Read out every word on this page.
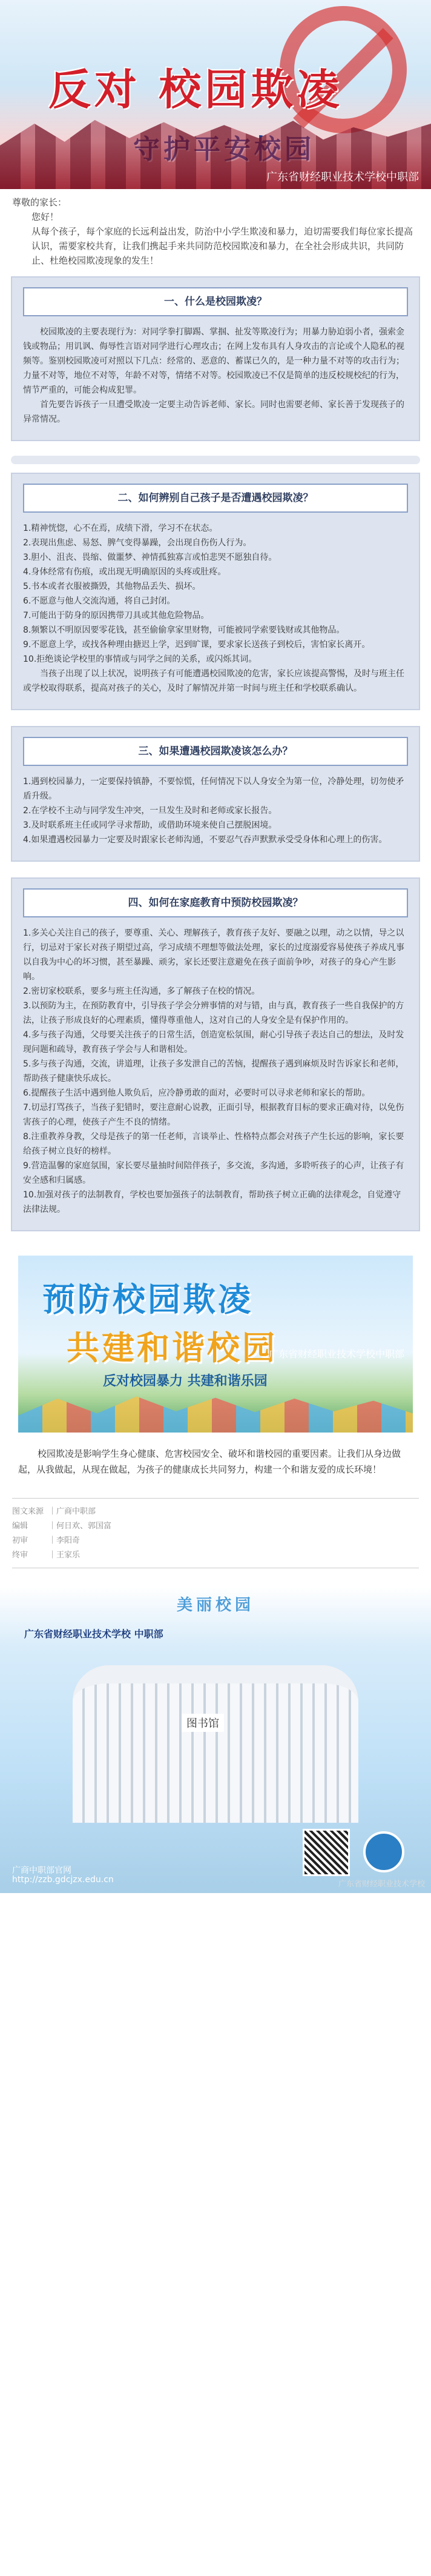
反对 校园欺凌
广东省财经职业技术学校中职部

尊敬的家长：

您好！

从每个孩子，每个家庭的长远利益出发，防治中小学生欺凌和暴力，迫切需要我们每位家长提高认识，需要家校共育，让我们携起手来共同防范校园欺凌和暴力，在全社会形成共识，共同防止、杜绝校园欺凌现象的发生！

一、什么是校园欺凌？

校园欺凌的主要表现行为：对同学拳打脚踢、掌掴、扯发等欺凌行为；用暴力胁迫弱小者，强索金钱或物品；用讥讽、侮辱性言语对同学进行心理攻击；在网上发布具有人身攻击的言论或个人隐私的视频等。鉴别校园欺凌可对照以下几点：经常的、恶意的、蓄谋已久的，是一种力量不对等的攻击行为；力量不对等，地位不对等，年龄不对等，情绪不对等。校园欺凌已不仅是简单的违反校规校纪的行为，情节严重的，可能会构成犯罪。

首先要告诉孩子一旦遭受欺凌一定要主动告诉老师、家长。同时也需要老师、家长善于发现孩子的异常情况。

二、如何辨别自己孩子是否遭遇校园欺凌？

1.精神恍惚，心不在焉，成绩下滑，学习不在状态。

2.表现出焦虑、易怒、脾气变得暴躁，会出现自伤伤人行为。

3.胆小、沮丧、畏缩、做噩梦、神情孤独寡言或怕悲哭不愿独自待。

4.身体经常有伤痕，或出现无明确原因的头疼或肚疼。

5.书本或者衣服被撕毁，其他物品丢失、损坏。

6.不愿意与他人交流沟通，将自己封闭。

7.可能出于防身的原因携带刀具或其他危险物品。

8.频繁以不明原因要零花钱，甚至偷偷拿家里财物，可能被同学索要钱财或其他物品。

9.不愿意上学，或找各种理由搪迟上学，迟到旷课，要求家长送孩子到校后，害怕家长离开。

10.拒绝谈论学校里的事情或与同学之间的关系，或闪烁其词。

当孩子出现了以上状况，说明孩子有可能遭遇校园欺凌的危害，家长应该提高警惕，及时与班主任或学校取得联系，提高对孩子的关心，及时了解情况并第一时间与班主任和学校联系确认。

三、如果遭遇校园欺凌该怎么办？

1.遇到校园暴力，一定要保持镇静，不要惊慌，任何情况下以人身安全为第一位，冷静处理，切勿使矛盾升级。

2.在学校不主动与同学发生冲突，一旦发生及时和老师或家长报告。

3.及时联系班主任或同学寻求帮助，或借助环境来使自己摆脱困境。

4.如果遭遇校园暴力一定要及时跟家长老师沟通，不要忍气吞声默默承受受身体和心理上的伤害。

四、如何在家庭教育中预防校园欺凌？

1.多关心关注自己的孩子，要尊重、关心、理解孩子，教育孩子友好、要融之以理，动之以情，导之以行，切忌对于家长对孩子期望过高，学习成绩不理想等做法处理，家长的过度溺爱容易使孩子养成凡事以自我为中心的坏习惯，甚至暴躁、顽劣，家长还要注意避免在孩子面前争吵，对孩子的身心产生影响。

2.密切家校联系，要多与班主任沟通，多了解孩子在校的情况。

3.以预防为主，在预防教育中，引导孩子学会分辨事情的对与错，由与真，教育孩子一些自我保护的方法，让孩子形成良好的心理素质，懂得尊重他人，这对自己的人身安全是有保护作用的。

4.多与孩子沟通，父母要关注孩子的日常生活，创造宽松氛围，耐心引导孩子表达自己的想法，及时发现问题和疏导，教育孩子学会与人和谐相处。

5.多与孩子沟通，交流，讲道理，让孩子多发泄自己的苦恼，提醒孩子遇到麻烦及时告诉家长和老师，帮助孩子健康快乐成长。

6.提醒孩子生活中遇到他人欺负后，应冷静勇敢的面对，必要时可以寻求老师和家长的帮助。

7.切忌打骂孩子，当孩子犯错时，要注意耐心说教，正面引导，根据教育目标的要求正确对待，以免伤害孩子的心理，使孩子产生不良的情绪。

8.注重教养身教，父母是孩子的第一任老师，言谈举止、性格特点都会对孩子产生长远的影响，家长要给孩子树立良好的榜样。

9.营造温馨的家庭氛围，家长要尽量抽时间陪伴孩子，多交流，多沟通，多聆听孩子的心声，让孩子有安全感和归属感。

10.加强对孩子的法制教育，学校也要加强孩子的法制教育，帮助孩子树立正确的法律观念，自觉遵守法律法规。

预防校园欺凌
共建和谐校园
反对校园暴力 共建和谐乐园
广东省财经职业技术学校中职部

校园欺凌是影响学生身心健康、危害校园安全、破坏和谐校园的重要因素。让我们从身边做起，从我做起，从现在做起，为孩子的健康成长共同努力，构建一个和谐友爱的成长环境！

图文来源 ｜广商中职部
编辑	｜何日欢、郭国富
初审	｜李阳奇
终审	｜王家乐
美丽校园
广东省财经职业技术学校 中职部
图书馆
广商中职部官网
http://zzb.gdcjzx.edu.cn	广东省财经职业技术学校
